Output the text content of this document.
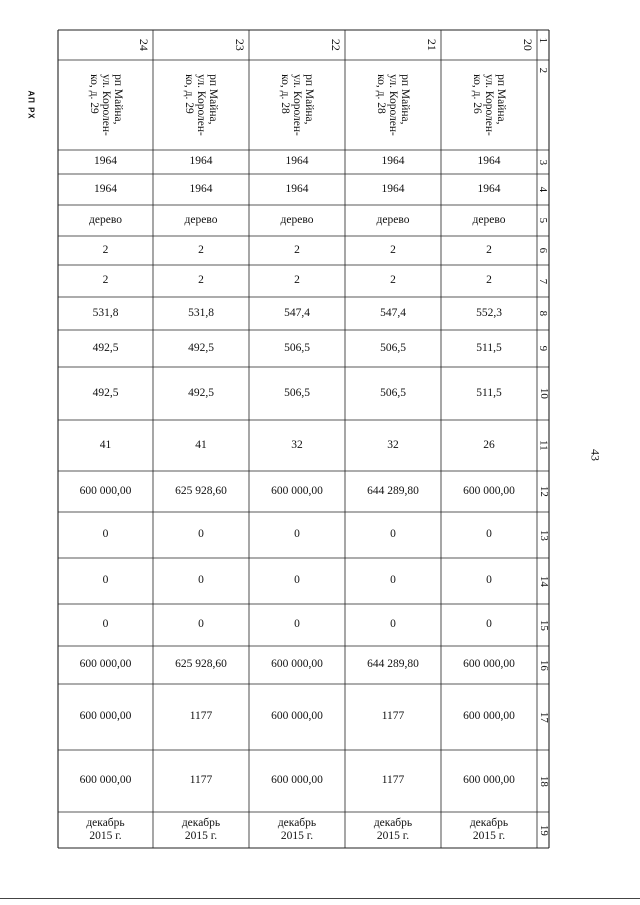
АП РХ
43
1
2
3
4
5
6
7
8
9
10
11
12
13
14
15
16
17
18
19
24
рп Майна,
ул. Королен-
ко, д. 29
1964
1964
дерево
2
2
531,8
492,5
492,5
41
600 000,00
0
0
0
600 000,00
600 000,00
600 000,00
декабрь
2015 г.
23
рп Майна,
ул. Королен-
ко, д. 29
1964
1964
дерево
2
2
531,8
492,5
492,5
41
625 928,60
0
0
0
625 928,60
1177
1177
декабрь
2015 г.
22
рп Майна,
ул. Королен-
ко, д. 28
1964
1964
дерево
2
2
547,4
506,5
506,5
32
600 000,00
0
0
0
600 000,00
600 000,00
600 000,00
декабрь
2015 г.
21
рп Майна,
ул. Королен-
ко, д. 28
1964
1964
дерево
2
2
547,4
506,5
506,5
32
644 289,80
0
0
0
644 289,80
1177
1177
декабрь
2015 г.
20
рп Майна,
ул. Королен-
ко, д. 26
1964
1964
дерево
2
2
552,3
511,5
511,5
26
600 000,00
0
0
0
600 000,00
600 000,00
600 000,00
декабрь
2015 г.
